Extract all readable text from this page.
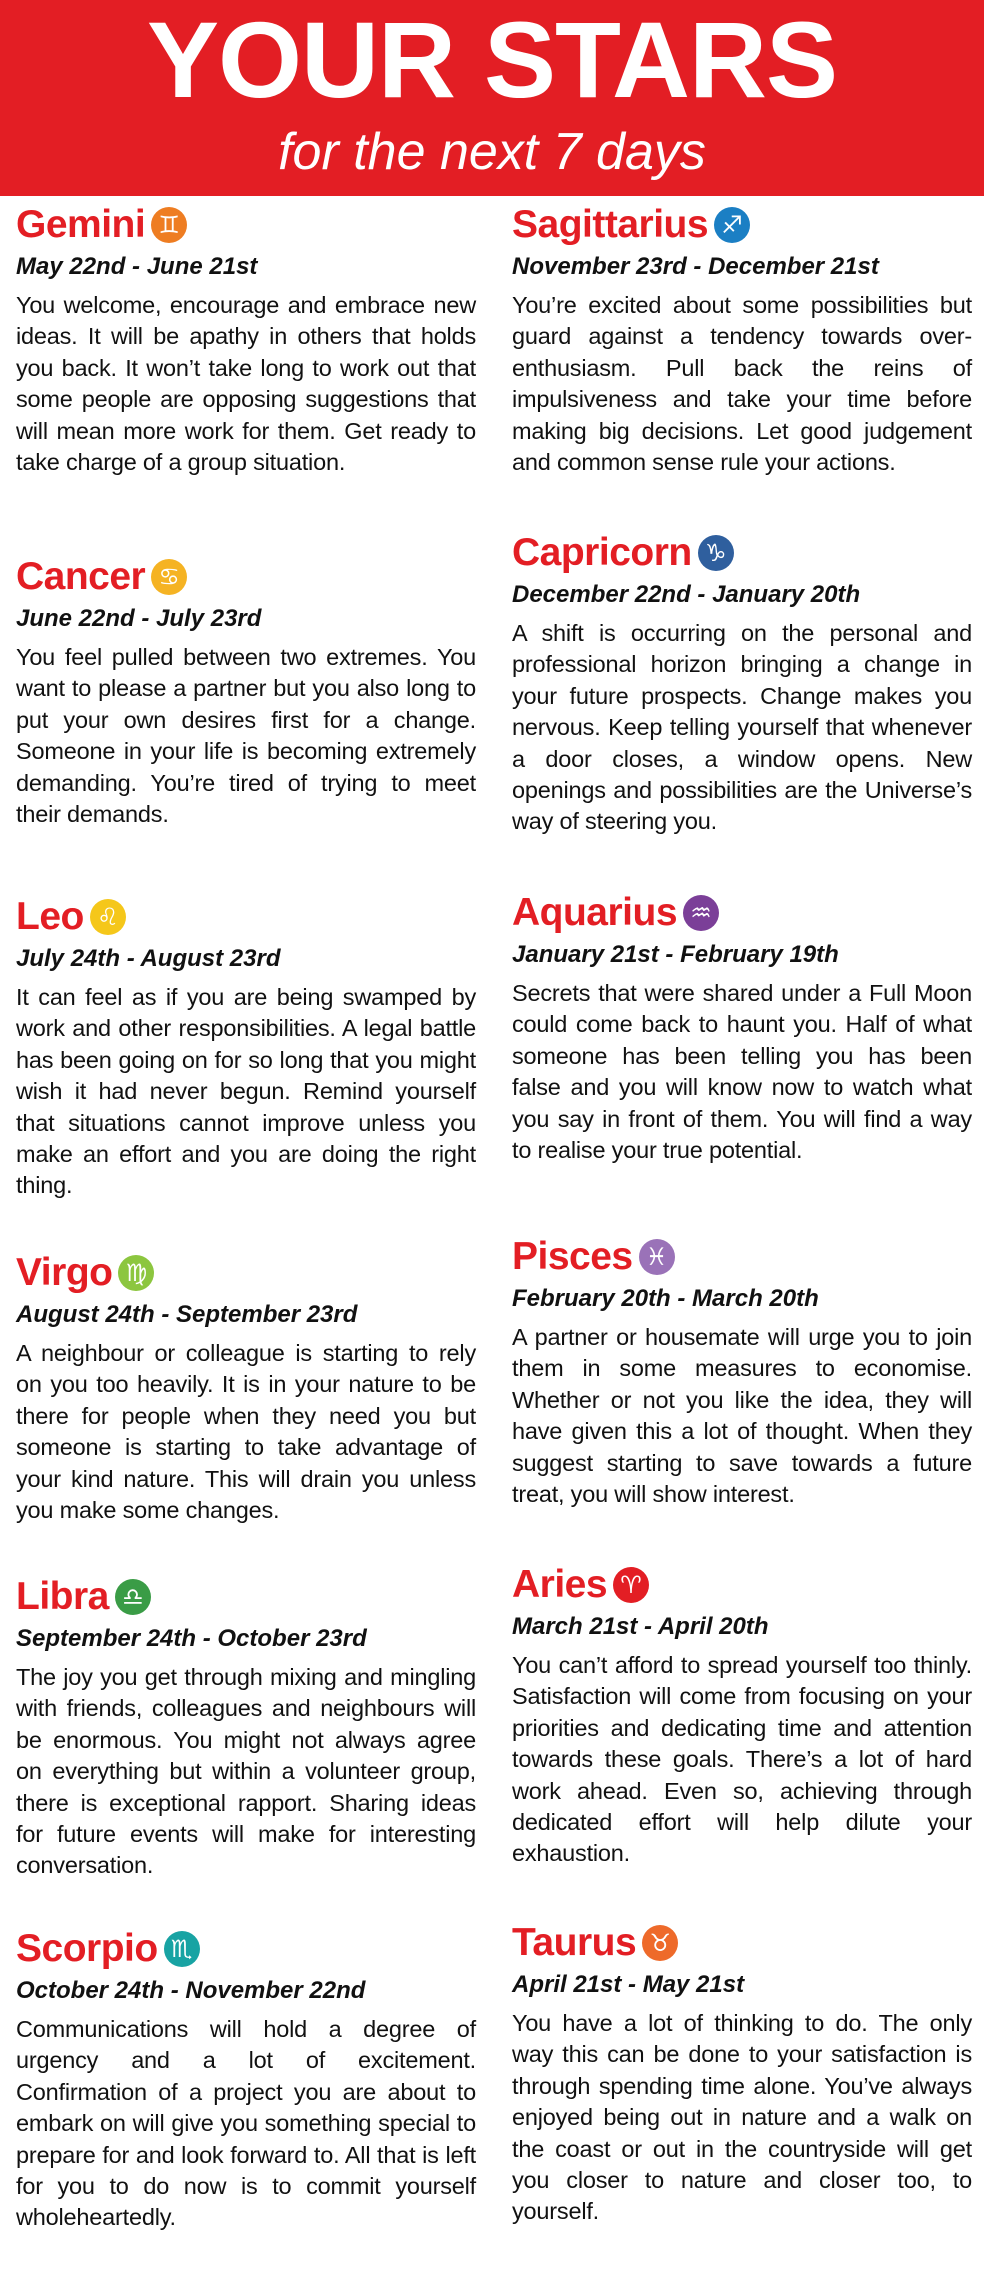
YOUR STARS
for the next 7 days
Gemini ♊
May 22nd - June 21st
You welcome, encourage and embrace new ideas. It will be apathy in others that holds you back. It won’t take long to work out that some people are opposing suggestions that will mean more work for them. Get ready to take charge of a group situation.
Cancer ♋
June 22nd - July 23rd
You feel pulled between two extremes. You want to please a partner but you also long to put your own desires first for a change. Someone in your life is becoming extremely demanding. You’re tired of trying to meet their demands.
Leo ♌
July 24th - August 23rd
It can feel as if you are being swamped by work and other responsibilities. A legal battle has been going on for so long that you might wish it had never begun. Remind yourself that situations cannot improve unless you make an effort and you are doing the right thing.
Virgo ♍
August 24th - September 23rd
A neighbour or colleague is starting to rely on you too heavily. It is in your nature to be there for people when they need you but someone is starting to take advantage of your kind nature. This will drain you unless you make some changes.
Libra ♎
September 24th - October 23rd
The joy you get through mixing and mingling with friends, colleagues and neighbours will be enormous. You might not always agree on everything but within a volunteer group, there is exceptional rapport. Sharing ideas for future events will make for interesting conversation.
Scorpio ♏
October 24th - November 22nd
Communications will hold a degree of urgency and a lot of excitement. Confirmation of a project you are about to embark on will give you something special to prepare for and look forward to. All that is left for you to do now is to commit yourself wholeheartedly.
Sagittarius ♐
November 23rd - December 21st
You’re excited about some possibilities but guard against a tendency towards over-enthusiasm. Pull back the reins of impulsiveness and take your time before making big decisions. Let good judgement and common sense rule your actions.
Capricorn ♑
December 22nd - January 20th
A shift is occurring on the personal and professional horizon bringing a change in your future prospects. Change makes you nervous. Keep telling yourself that whenever a door closes, a window opens. New openings and possibilities are the Universe’s way of steering you.
Aquarius ♒
January 21st - February 19th
Secrets that were shared under a Full Moon could come back to haunt you. Half of what someone has been telling you has been false and you will know now to watch what you say in front of them. You will find a way to realise your true potential.
Pisces ♓
February 20th - March 20th
A partner or housemate will urge you to join them in some measures to economise. Whether or not you like the idea, they will have given this a lot of thought. When they suggest starting to save towards a future treat, you will show interest.
Aries ♈
March 21st - April 20th
You can’t afford to spread yourself too thinly. Satisfaction will come from focusing on your priorities and dedicating time and attention towards these goals. There’s a lot of hard work ahead. Even so, achieving through dedicated effort will help dilute your exhaustion.
Taurus ♉
April 21st - May 21st
You have a lot of thinking to do. The only way this can be done to your satisfaction is through spending time alone. You’ve always enjoyed being out in nature and a walk on the coast or out in the countryside will get you closer to nature and closer too, to yourself.
